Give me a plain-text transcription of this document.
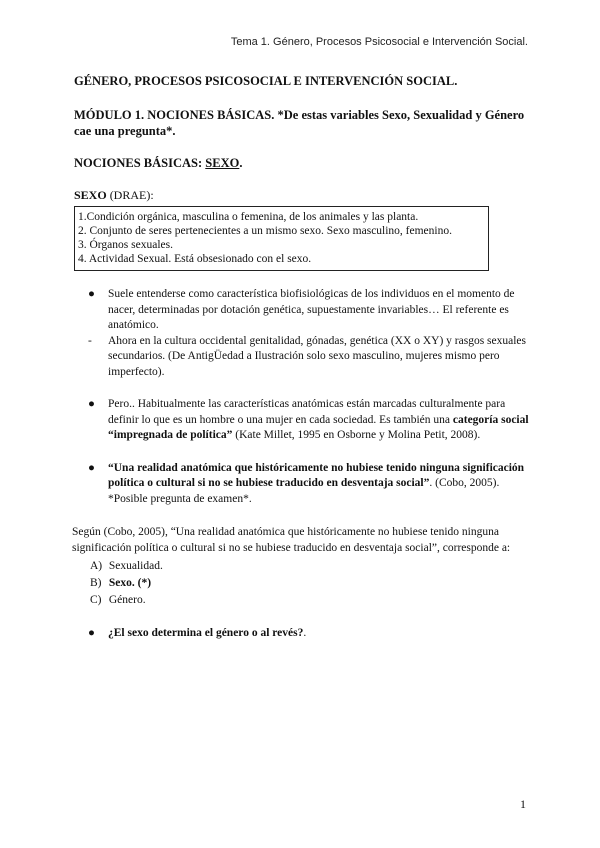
Tema 1. Género, Procesos Psicosocial e Intervención Social.
GÉNERO, PROCESOS PSICOSOCIAL E INTERVENCIÓN SOCIAL.
MÓDULO 1. NOCIONES BÁSICAS. *De estas variables Sexo, Sexualidad y Género cae una pregunta*.
NOCIONES BÁSICAS: SEXO.
SEXO (DRAE):
1.Condición orgánica, masculina o femenina, de los animales y las planta.
2. Conjunto de seres pertenecientes a un mismo sexo. Sexo masculino, femenino.
3. Órganos sexuales.
4. Actividad Sexual. Está obsesionado con el sexo.
● Suele entenderse como característica biofisiológicas de los individuos en el momento de nacer, determinadas por dotación genética, supuestamente invariables… El referente es anatómico.
- Ahora en la cultura occidental genitalidad, gónadas, genética (XX o XY) y rasgos sexuales secundarios. (De AntigÜedad a Ilustración solo sexo masculino, mujeres mismo pero imperfecto).
● Pero.. Habitualmente las características anatómicas están marcadas culturalmente para definir lo que es un hombre o una mujer en cada sociedad. Es también una categoría social “impregnada de política” (Kate Millet, 1995 en Osborne y Molina Petit, 2008).
● “Una realidad anatómica que históricamente no hubiese tenido ninguna significación política o cultural si no se hubiese traducido en desventaja social”. (Cobo, 2005). *Posible pregunta de examen*.
Según (Cobo, 2005), “Una realidad anatómica que históricamente no hubiese tenido ninguna significación política o cultural si no se hubiese traducido en desventaja social”, corresponde a:
A) Sexualidad.
B) Sexo. (*)
C) Género.
● ¿El sexo determina el género o al revés?.
1
